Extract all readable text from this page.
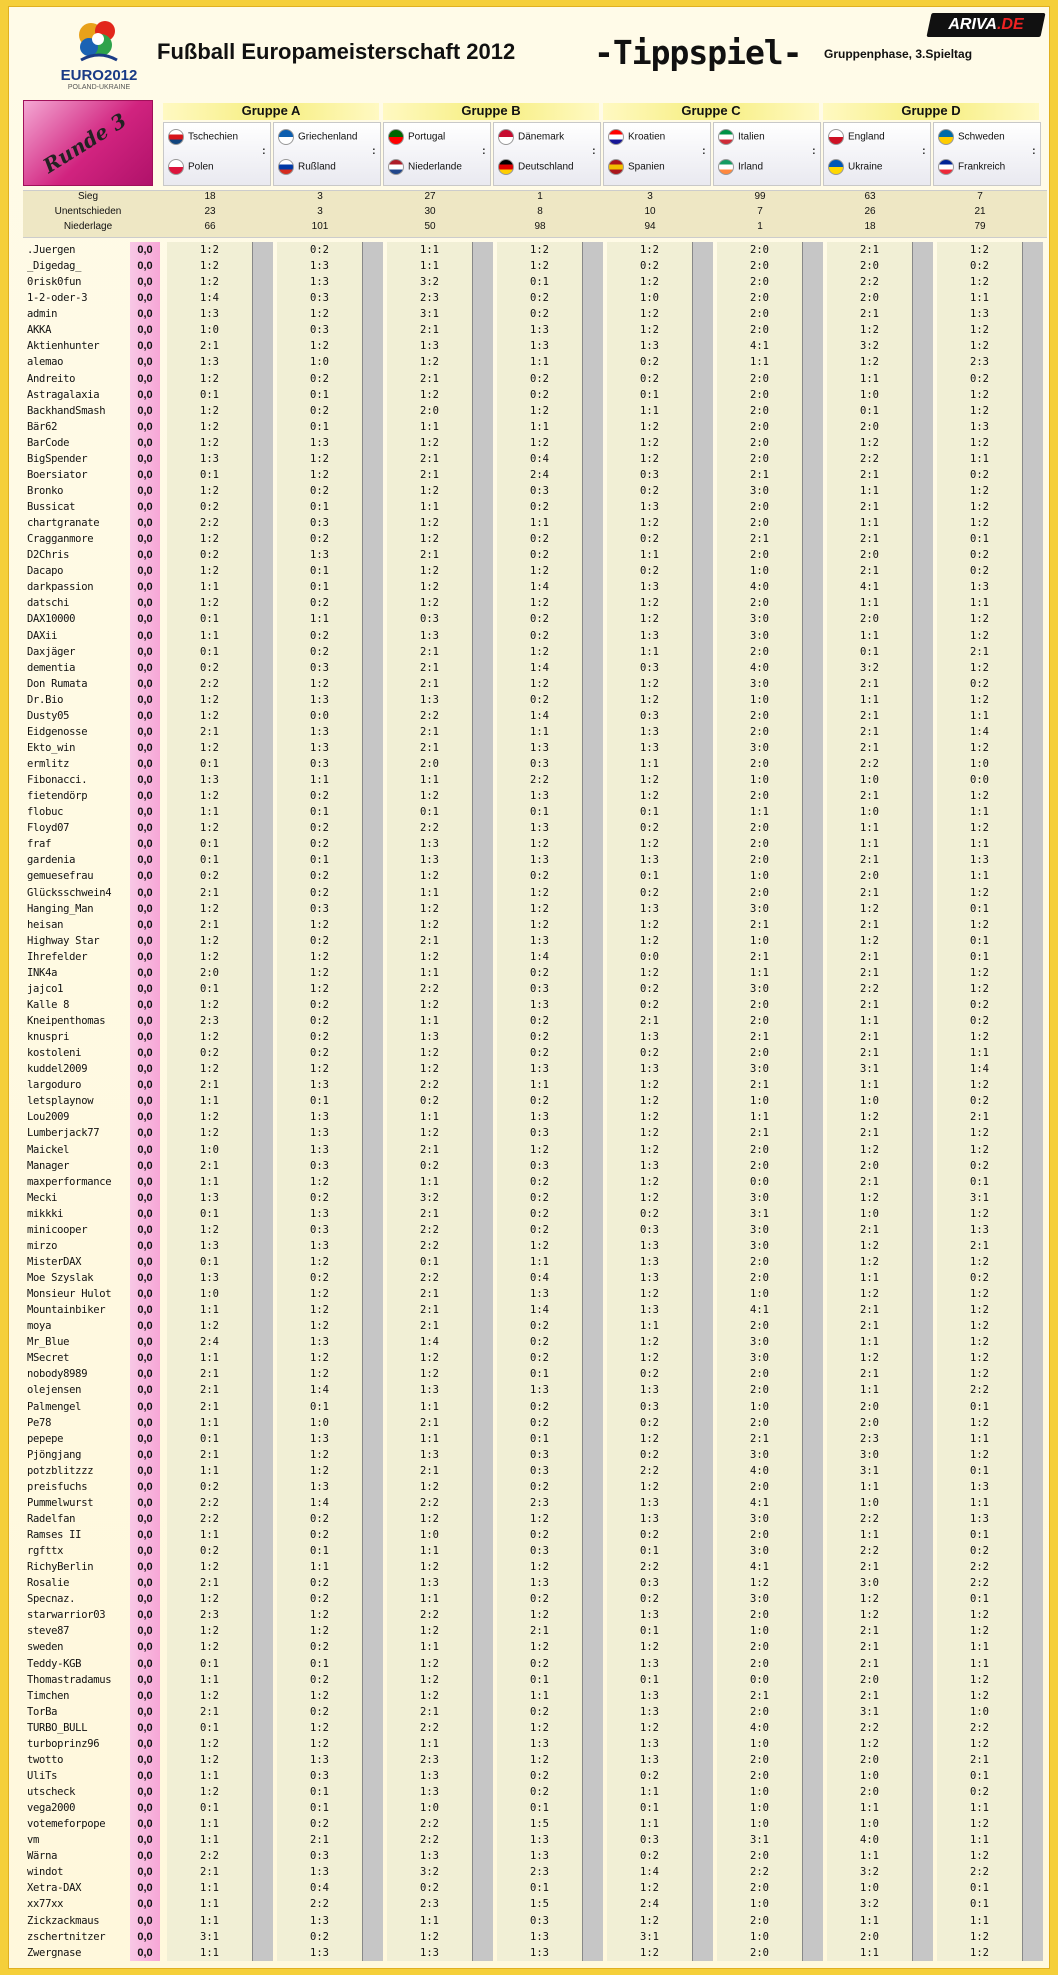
EURO2012
POLAND-UKRAINE
Fußball Europameisterschaft 2012 -Tippspiel- Gruppenphase, 3.Spieltag
ARIVA.DE
Runde 3	Gruppe A
Tschechien
Polen
:
Griechenland
Rußland
:
Gruppe B
Portugal
Niederlande
:
Dänemark
Deutschland
:
Gruppe C
Kroatien
Spanien
:
Italien
Irland
:
Gruppe D
England
Ukraine
:
Schweden
Frankreich
:
Sieg	18	3	27	1	3	99	63	7
Unentschieden	23	3	30	8	10	7	26	21
Niederlage	66	101	50	98	94	1	18	79
.Juergen	0,0	1:2	0:2	1:1	1:2	1:2	2:0	2:1	1:2
_Digedag_	0,0	1:2	1:3	1:1	1:2	0:2	2:0	2:0	0:2
0risk0fun	0,0	1:2	1:3	3:2	0:1	1:2	2:0	2:2	1:2
1-2-oder-3	0,0	1:4	0:3	2:3	0:2	1:0	2:0	2:0	1:1
admin	0,0	1:3	1:2	3:1	0:2	1:2	2:0	2:1	1:3
AKKA	0,0	1:0	0:3	2:1	1:3	1:2	2:0	1:2	1:2
Aktienhunter	0,0	2:1	1:2	1:3	1:3	1:3	4:1	3:2	1:2
alemao	0,0	1:3	1:0	1:2	1:1	0:2	1:1	1:2	2:3
Andreito	0,0	1:2	0:2	2:1	0:2	0:2	2:0	1:1	0:2
Astragalaxia	0,0	0:1	0:1	1:2	0:2	0:1	2:0	1:0	1:2
BackhandSmash	0,0	1:2	0:2	2:0	1:2	1:1	2:0	0:1	1:2
Bär62	0,0	1:2	0:1	1:1	1:1	1:2	2:0	2:0	1:3
BarCode	0,0	1:2	1:3	1:2	1:2	1:2	2:0	1:2	1:2
BigSpender	0,0	1:3	1:2	2:1	0:4	1:2	2:0	2:2	1:1
Boersiator	0,0	0:1	1:2	2:1	2:4	0:3	2:1	2:1	0:2
Bronko	0,0	1:2	0:2	1:2	0:3	0:2	3:0	1:1	1:2
Bussicat	0,0	0:2	0:1	1:1	0:2	1:3	2:0	2:1	1:2
chartgranate	0,0	2:2	0:3	1:2	1:1	1:2	2:0	1:1	1:2
Cragganmore	0,0	1:2	0:2	1:2	0:2	0:2	2:1	2:1	0:1
D2Chris	0,0	0:2	1:3	2:1	0:2	1:1	2:0	2:0	0:2
Dacapo	0,0	1:2	0:1	1:2	1:2	0:2	1:0	2:1	0:2
darkpassion	0,0	1:1	0:1	1:2	1:4	1:3	4:0	4:1	1:3
datschi	0,0	1:2	0:2	1:2	1:2	1:2	2:0	1:1	1:1
DAX10000	0,0	0:1	1:1	0:3	0:2	1:2	3:0	2:0	1:2
DAXii	0,0	1:1	0:2	1:3	0:2	1:3	3:0	1:1	1:2
Daxjäger	0,0	0:1	0:2	2:1	1:2	1:1	2:0	0:1	2:1
dementia	0,0	0:2	0:3	2:1	1:4	0:3	4:0	3:2	1:2
Don Rumata	0,0	2:2	1:2	2:1	1:2	1:2	3:0	2:1	0:2
Dr.Bio	0,0	1:2	1:3	1:3	0:2	1:2	1:0	1:1	1:2
Dusty05	0,0	1:2	0:0	2:2	1:4	0:3	2:0	2:1	1:1
Eidgenosse	0,0	2:1	1:3	2:1	1:1	1:3	2:0	2:1	1:4
Ekto_win	0,0	1:2	1:3	2:1	1:3	1:3	3:0	2:1	1:2
ermlitz	0,0	0:1	0:3	2:0	0:3	1:1	2:0	2:2	1:0
Fibonacci.	0,0	1:3	1:1	1:1	2:2	1:2	1:0	1:0	0:0
fietendörp	0,0	1:2	0:2	1:2	1:3	1:2	2:0	2:1	1:2
flobuc	0,0	1:1	0:1	0:1	0:1	0:1	1:1	1:0	1:1
Floyd07	0,0	1:2	0:2	2:2	1:3	0:2	2:0	1:1	1:2
fraf	0,0	0:1	0:2	1:3	1:2	1:2	2:0	1:1	1:1
gardenia	0,0	0:1	0:1	1:3	1:3	1:3	2:0	2:1	1:3
gemuesefrau	0,0	0:2	0:2	1:2	0:2	0:1	1:0	2:0	1:1
Glücksschwein4	0,0	2:1	0:2	1:1	1:2	0:2	2:0	2:1	1:2
Hanging_Man	0,0	1:2	0:3	1:2	1:2	1:3	3:0	1:2	0:1
heisan	0,0	2:1	1:2	1:2	1:2	1:2	2:1	2:1	1:2
Highway Star	0,0	1:2	0:2	2:1	1:3	1:2	1:0	1:2	0:1
Ihrefelder	0,0	1:2	1:2	1:2	1:4	0:0	2:1	2:1	0:1
INK4a	0,0	2:0	1:2	1:1	0:2	1:2	1:1	2:1	1:2
jajco1	0,0	0:1	1:2	2:2	0:3	0:2	3:0	2:2	1:2
Kalle 8	0,0	1:2	0:2	1:2	1:3	0:2	2:0	2:1	0:2
Kneipenthomas	0,0	2:3	0:2	1:1	0:2	2:1	2:0	1:1	0:2
knuspri	0,0	1:2	0:2	1:3	0:2	1:3	2:1	2:1	1:2
kostoleni	0,0	0:2	0:2	1:2	0:2	0:2	2:0	2:1	1:1
kuddel2009	0,0	1:2	1:2	1:2	1:3	1:3	3:0	3:1	1:4
largoduro	0,0	2:1	1:3	2:2	1:1	1:2	2:1	1:1	1:2
letsplaynow	0,0	1:1	0:1	0:2	0:2	1:2	1:0	1:0	0:2
Lou2009	0,0	1:2	1:3	1:1	1:3	1:2	1:1	1:2	2:1
Lumberjack77	0,0	1:2	1:3	1:2	0:3	1:2	2:1	2:1	1:2
Maickel	0,0	1:0	1:3	2:1	1:2	1:2	2:0	1:2	1:2
Manager	0,0	2:1	0:3	0:2	0:3	1:3	2:0	2:0	0:2
maxperformance	0,0	1:1	1:2	1:1	0:2	1:2	0:0	2:1	0:1
Mecki	0,0	1:3	0:2	3:2	0:2	1:2	3:0	1:2	3:1
mikkki	0,0	0:1	1:3	2:1	0:2	0:2	3:1	1:0	1:2
minicooper	0,0	1:2	0:3	2:2	0:2	0:3	3:0	2:1	1:3
mirzo	0,0	1:3	1:3	2:2	1:2	1:3	3:0	1:2	2:1
MisterDAX	0,0	0:1	1:2	0:1	1:1	1:3	2:0	1:2	1:2
Moe Szyslak	0,0	1:3	0:2	2:2	0:4	1:3	2:0	1:1	0:2
Monsieur Hulot	0,0	1:0	1:2	2:1	1:3	1:2	1:0	1:2	1:2
Mountainbiker	0,0	1:1	1:2	2:1	1:4	1:3	4:1	2:1	1:2
moya	0,0	1:2	1:2	2:1	0:2	1:1	2:0	2:1	1:2
Mr_Blue	0,0	2:4	1:3	1:4	0:2	1:2	3:0	1:1	1:2
MSecret	0,0	1:1	1:2	1:2	0:2	1:2	3:0	1:2	1:2
nobody8989	0,0	2:1	1:2	1:2	0:1	0:2	2:0	2:1	1:2
olejensen	0,0	2:1	1:4	1:3	1:3	1:3	2:0	1:1	2:2
Palmengel	0,0	2:1	0:1	1:1	0:2	0:3	1:0	2:0	0:1
Pe78	0,0	1:1	1:0	2:1	0:2	0:2	2:0	2:0	1:2
pepepe	0,0	0:1	1:3	1:1	0:1	1:2	2:1	2:3	1:1
Pjöngjang	0,0	2:1	1:2	1:3	0:3	0:2	3:0	3:0	1:2
potzblitzzz	0,0	1:1	1:2	2:1	0:3	2:2	4:0	3:1	0:1
preisfuchs	0,0	0:2	1:3	1:2	0:2	1:2	2:0	1:1	1:3
Pummelwurst	0,0	2:2	1:4	2:2	2:3	1:3	4:1	1:0	1:1
Radelfan	0,0	2:2	0:2	1:2	1:2	1:3	3:0	2:2	1:3
Ramses II	0,0	1:1	0:2	1:0	0:2	0:2	2:0	1:1	0:1
rgfttx	0,0	0:2	0:1	1:1	0:3	0:1	3:0	2:2	0:2
RichyBerlin	0,0	1:2	1:1	1:2	1:2	2:2	4:1	2:1	2:2
Rosalie	0,0	2:1	0:2	1:3	1:3	0:3	1:2	3:0	2:2
Specnaz.	0,0	1:2	0:2	1:1	0:2	0:2	3:0	1:2	0:1
starwarrior03	0,0	2:3	1:2	2:2	1:2	1:3	2:0	1:2	1:2
steve87	0,0	1:2	1:2	1:2	2:1	0:1	1:0	2:1	1:2
sweden	0,0	1:2	0:2	1:1	1:2	1:2	2:0	2:1	1:1
Teddy-KGB	0,0	0:1	0:1	1:2	0:2	1:3	2:0	2:1	1:1
Thomastradamus	0,0	1:1	0:2	1:2	0:1	0:1	0:0	2:0	1:2
Timchen	0,0	1:2	1:2	1:2	1:1	1:3	2:1	2:1	1:2
TorBa	0,0	2:1	0:2	2:1	0:2	1:3	2:0	3:1	1:0
TURBO_BULL	0,0	0:1	1:2	2:2	1:2	1:2	4:0	2:2	2:2
turboprinz96	0,0	1:2	1:2	1:1	1:3	1:3	1:0	1:2	1:2
twotto	0,0	1:2	1:3	2:3	1:2	1:3	2:0	2:0	2:1
UliTs	0,0	1:1	0:3	1:3	0:2	0:2	2:0	1:0	0:1
utscheck	0,0	1:2	0:1	1:3	0:2	1:1	1:0	2:0	0:2
vega2000	0,0	0:1	0:1	1:0	0:1	0:1	1:0	1:1	1:1
votemeforpope	0,0	1:1	0:2	2:2	1:5	1:1	1:0	1:0	1:2
vm	0,0	1:1	2:1	2:2	1:3	0:3	3:1	4:0	1:1
Wärna	0,0	2:2	0:3	1:3	1:3	0:2	2:0	1:1	1:2
windot	0,0	2:1	1:3	3:2	2:3	1:4	2:2	3:2	2:2
Xetra-DAX	0,0	1:1	0:4	0:2	0:1	1:2	2:0	1:0	0:1
xx77xx	0,0	1:1	2:2	2:3	1:5	2:4	1:0	3:2	0:1
Zickzackmaus	0,0	1:1	1:3	1:1	0:3	1:2	2:0	1:1	1:1
zschertnitzer	0,0	3:1	0:2	1:2	1:3	3:1	1:0	2:0	1:2
Zwergnase	0,0	1:1	1:3	1:3	1:3	1:2	2:0	1:1	1:2
